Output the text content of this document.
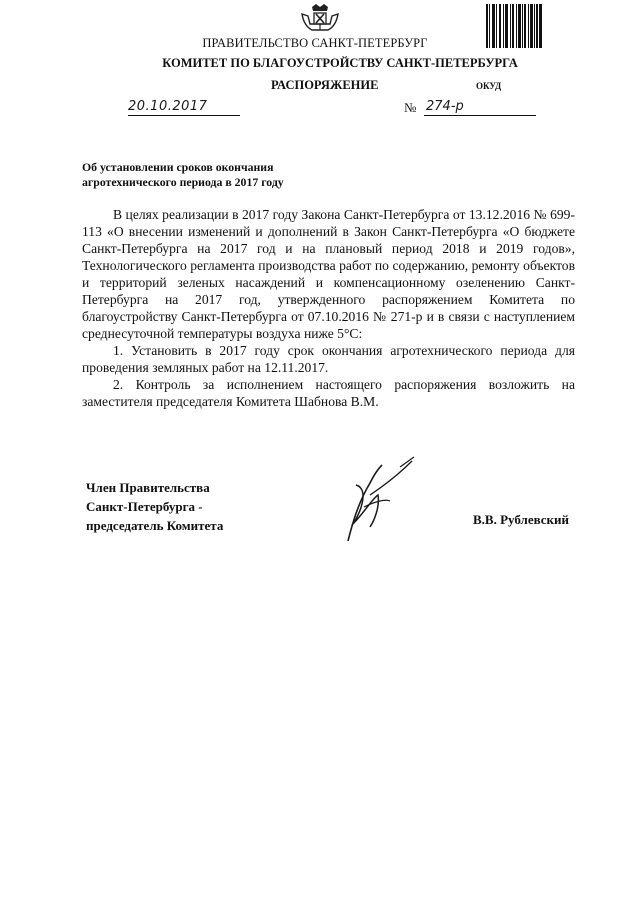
ПРАВИТЕЛЬСТВО САНКТ-ПЕТЕРБУРГ
КОМИТЕТ ПО БЛАГОУСТРОЙСТВУ САНКТ-ПЕТЕРБУРГА
РАСПОРЯЖЕНИЕ	ОКУД
20.10.2017	№ 274-р
Об установлении сроков окончания
агротехнического периода в 2017 году

В целях реализации в 2017 году Закона Санкт-Петербурга от 13.12.2016 № 699-113 «О внесении изменений и дополнений в Закон Санкт-Петербурга «О бюджете Санкт-Петербурга на 2017 год и на плановый период 2018 и 2019 годов», Технологического регламента производства работ по содержанию, ремонту объектов и территорий зеленых насаждений и компенсационному озеленению Санкт-Петербурга на 2017 год, утвержденного распоряжением Комитета по благоустройству Санкт-Петербурга от 07.10.2016 № 271-р и в связи с наступлением среднесуточной температуры воздуха ниже 5°С:

1. Установить в 2017 году срок окончания агротехнического периода для проведения земляных работ на 12.11.2017.

2. Контроль за исполнением настоящего распоряжения возложить на заместителя председателя Комитета Шабнова В.М.

Член Правительства
Санкт-Петербурга -
председатель Комитета	В.В. Рублевский
